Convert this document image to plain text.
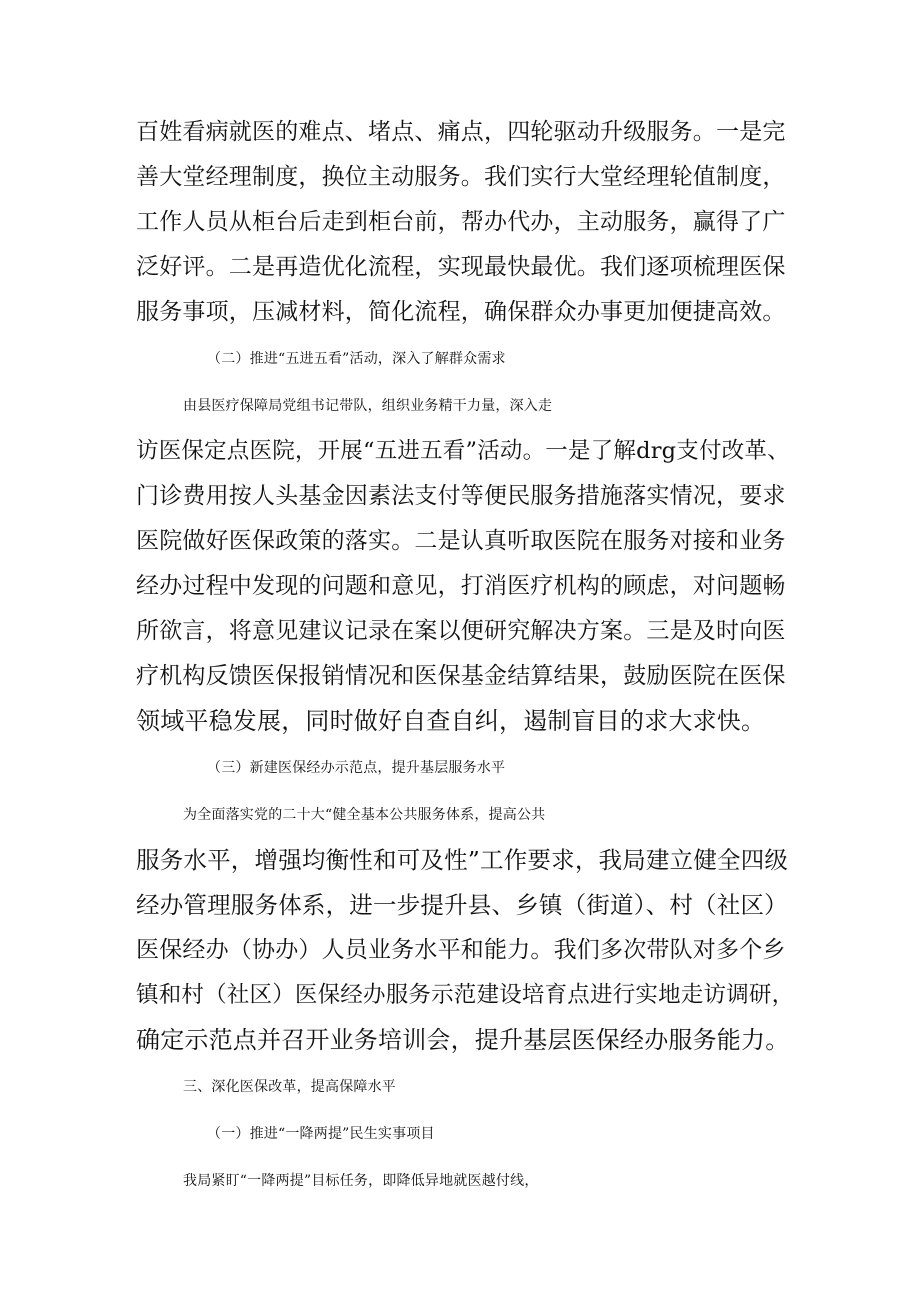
百姓看病就医的难点、堵点、痛点，四轮驱动升级服务。一是完
善大堂经理制度，换位主动服务。我们实行大堂经理轮值制度，
工作人员从柜台后走到柜台前，帮办代办，主动服务，赢得了广
泛好评。二是再造优化流程，实现最快最优。我们逐项梳理医保
服务事项，压减材料，简化流程，确保群众办事更加便捷高效。
（二）推进“五进五看”活动，深入了解群众需求
由县医疗保障局党组书记带队，组织业务精干力量，深入走
访医保定点医院，开展“五进五看”活动。一是了解drg支付改革、
门诊费用按人头基金因素法支付等便民服务措施落实情况，要求
医院做好医保政策的落实。二是认真听取医院在服务对接和业务
经办过程中发现的问题和意见，打消医疗机构的顾虑，对问题畅
所欲言，将意见建议记录在案以便研究解决方案。三是及时向医
疗机构反馈医保报销情况和医保基金结算结果，鼓励医院在医保
领域平稳发展，同时做好自查自纠，遏制盲目的求大求快。
（三）新建医保经办示范点，提升基层服务水平
为全面落实党的二十大“健全基本公共服务体系，提高公共
服务水平，增强均衡性和可及性”工作要求，我局建立健全四级
经办管理服务体系，进一步提升县、乡镇（街道）、村（社区）
医保经办（协办）人员业务水平和能力。我们多次带队对多个乡
镇和村（社区）医保经办服务示范建设培育点进行实地走访调研，
确定示范点并召开业务培训会，提升基层医保经办服务能力。
三、深化医保改革，提高保障水平
（一）推进“一降两提”民生实事项目
我局紧盯“一降两提”目标任务，即降低异地就医越付线，
